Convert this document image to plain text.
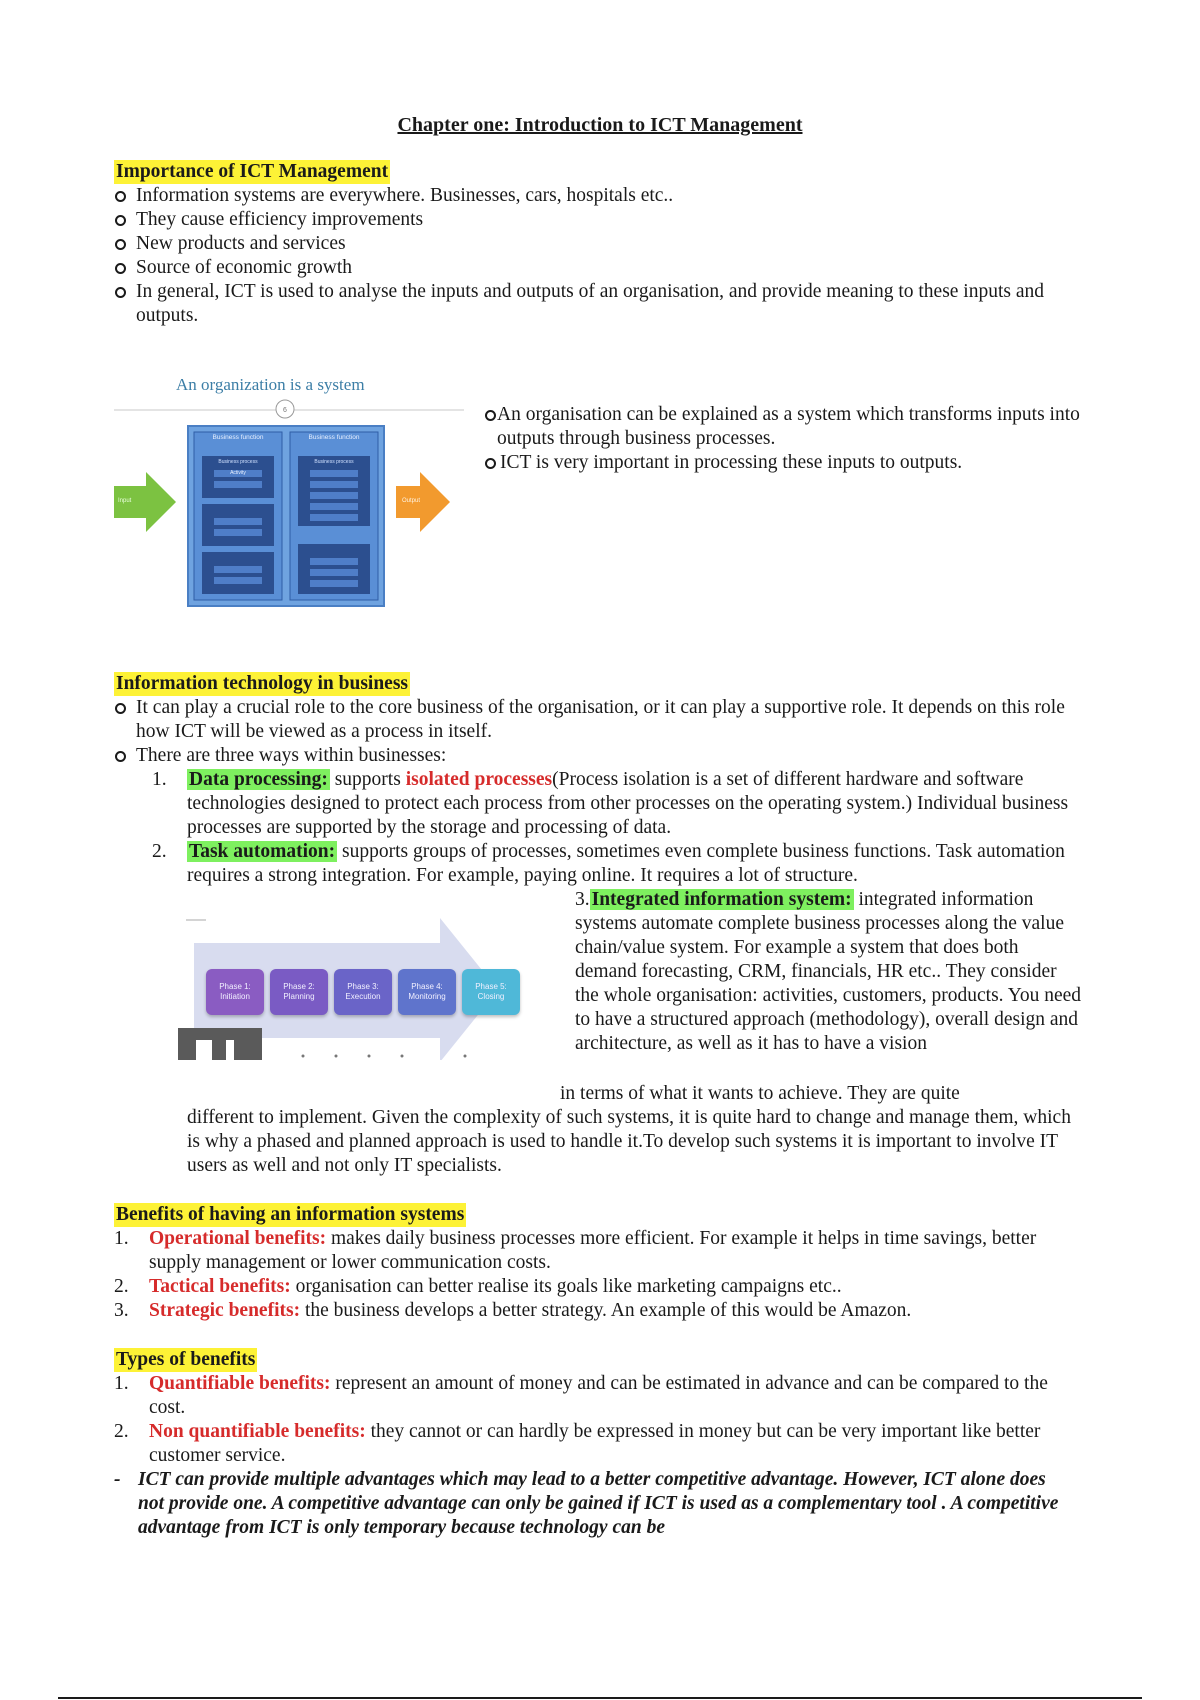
Chapter one: Introduction to ICT Management
Importance of ICT Management
Information systems are everywhere. Businesses, cars, hospitals etc..
They cause efficiency improvements
New products and services
Source of economic growth
In general, ICT is used to analyse the inputs and outputs of an organisation, and provide meaning to these inputs and outputs.
An organization is a system
6
Business function	Business function
Business process	Business process
Activity
Input	Output
An organisation can be explained as a system which transforms inputs into outputs through business processes.
ICT is very important in processing these inputs to outputs.
Information technology in business
It can play a crucial role to the core business of the organisation, or it can play a supportive role. It depends on this role how ICT will be viewed as a process in itself.
There are three ways within businesses:
1. Data processing: supports isolated processes(Process isolation is a set of different hardware and software technologies designed to protect each process from other processes on the operating system.) Individual business processes are supported by the storage and processing of data.
2. Task automation: supports groups of processes, sometimes even complete business functions. Task automation requires a strong integration. For example, paying online. It requires a lot of structure.
Phase 1: Initiation
Phase 2: Planning
Phase 3: Execution
Phase 4: Monitoring
Phase 5: Closing
3. Integrated information system: integrated information systems automate complete business processes along the value chain/value system. For example a system that does both demand forecasting, CRM, financials, HR etc.. They consider the whole organisation: activities, customers, products. You need to have a structured approach (methodology), overall design and architecture, as well as it has to have a vision
in terms of what it wants to achieve. They are quite
different to implement. Given the complexity of such systems, it is quite hard to change and manage them, which is why a phased and planned approach is used to handle it.To develop such systems it is important to involve IT users as well and not only IT specialists.
Benefits of having an information systems
1. Operational benefits: makes daily business processes more efficient. For example it helps in time savings, better supply management or lower communication costs.
2. Tactical benefits: organisation can better realise its goals like marketing campaigns etc..
3. Strategic benefits: the business develops a better strategy. An example of this would be Amazon.
Types of benefits
1. Quantifiable benefits: represent an amount of money and can be estimated in advance and can be compared to the cost.
2. Non quantifiable benefits: they cannot or can hardly be expressed in money but can be very important like better customer service.
- ICT can provide multiple advantages which may lead to a better competitive advantage. However, ICT alone does not provide one. A competitive advantage can only be gained if ICT is used as a complementary tool . A competitive advantage from ICT is only temporary because technology can be
